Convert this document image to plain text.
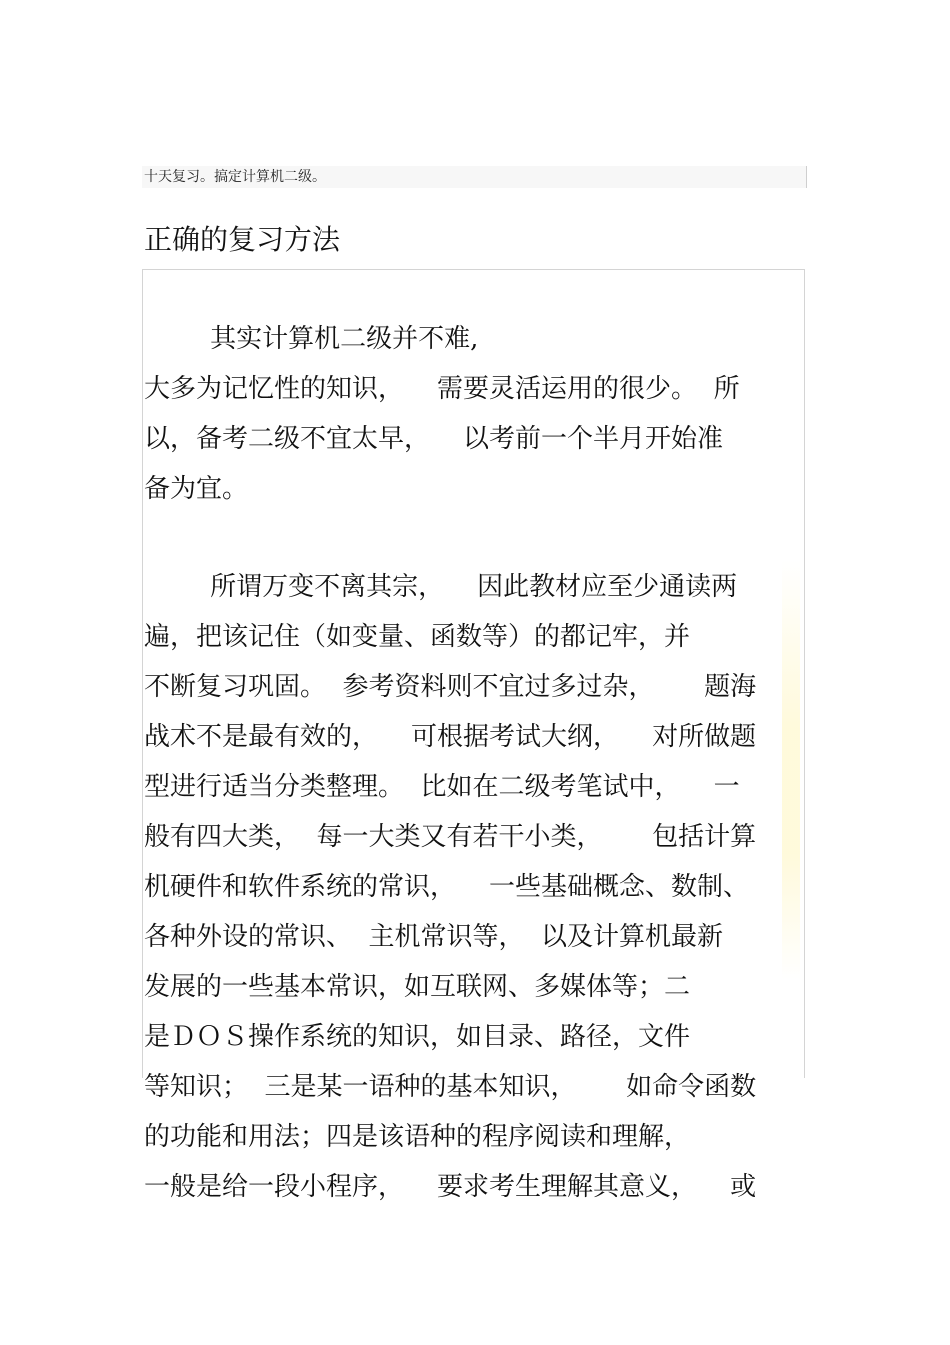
十天复习。搞定计算机二级。
正确的复习方法

其实计算机二级并不难,

大多为记忆性的知识，    需要灵活运用的很少。  所

以，备考二级不宜太早，    以考前一个半月开始准

备为宜。

所谓万变不离其宗，    因此教材应至少通读两

遍，把该记住（如变量、函数等）的都记牢，并

不断复习巩固。  参考资料则不宜过多过杂，      题海

战术不是最有效的，    可根据考试大纲，    对所做题

型进行适当分类整理。  比如在二级考笔试中，    一

般有四大类，  每一大类又有若干小类，      包括计算

机硬件和软件系统的常识，    一些基础概念、数制、

各种外设的常识、  主机常识等，  以及计算机最新

发展的一些基本常识，如互联网、多媒体等；二

是ＤＯＳ操作系统的知识，如目录、路径，文件

等知识；  三是某一语种的基本知识，      如命令函数

的功能和用法；四是该语种的程序阅读和理解，

一般是给一段小程序，    要求考生理解其意义，    或
